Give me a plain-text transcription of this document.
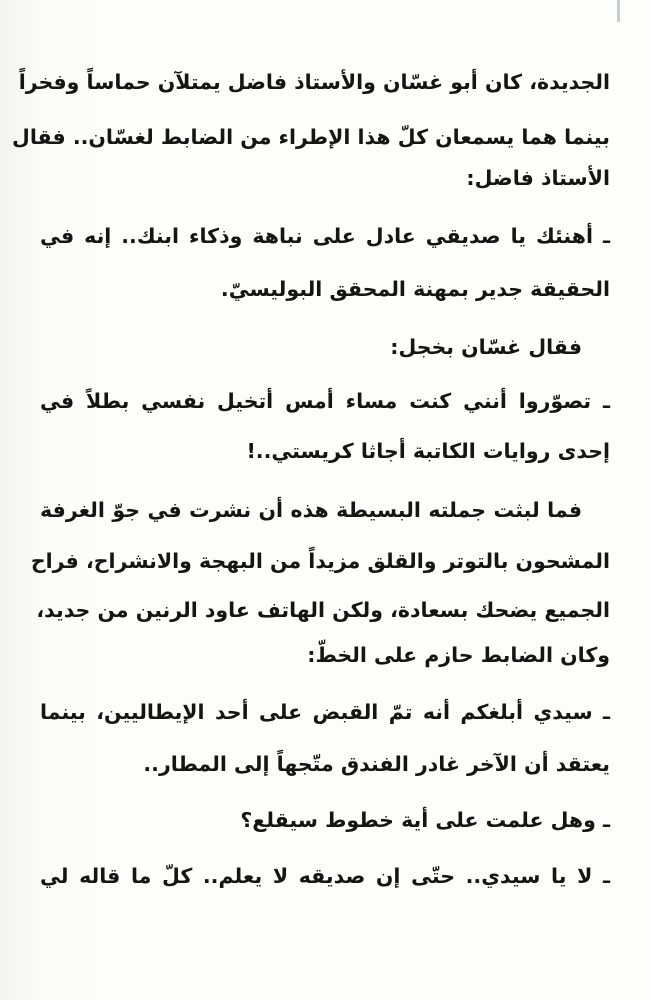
الجديدة، كان أبو غسّان والأستاذ فاضل يمتلآن حماساً وفخراً
بينما هما يسمعان كلّ هذا الإطراء من الضابط لغسّان.. فقال
الأستاذ فاضل:
ـ أهنئك يا صديقي عادل على نباهة وذكاء ابنك.. إنه في
الحقيقة جدير بمهنة المحقق البوليسيّ.
فقال غسّان بخجل:
ـ تصوّروا أنني كنت مساء أمس أتخيل نفسي بطلاً في
إحدى روايات الكاتبة أجاثا كريستي..!
فما لبثت جملته البسيطة هذه أن نشرت في جوّ الغرفة
المشحون بالتوتر والقلق مزيداً من البهجة والانشراح، فراح
الجميع يضحك بسعادة، ولكن الهاتف عاود الرنين من جديد،
وكان الضابط حازم على الخطّ:
ـ سيدي أبلغكم أنه تمّ القبض على أحد الإيطاليين، بينما
يعتقد أن الآخر غادر الفندق متّجهاً إلى المطار..
ـ وهل علمت على أية خطوط سيقلع؟
ـ لا يا سيدي.. حتّى إن صديقه لا يعلم.. كلّ ما قاله لي
